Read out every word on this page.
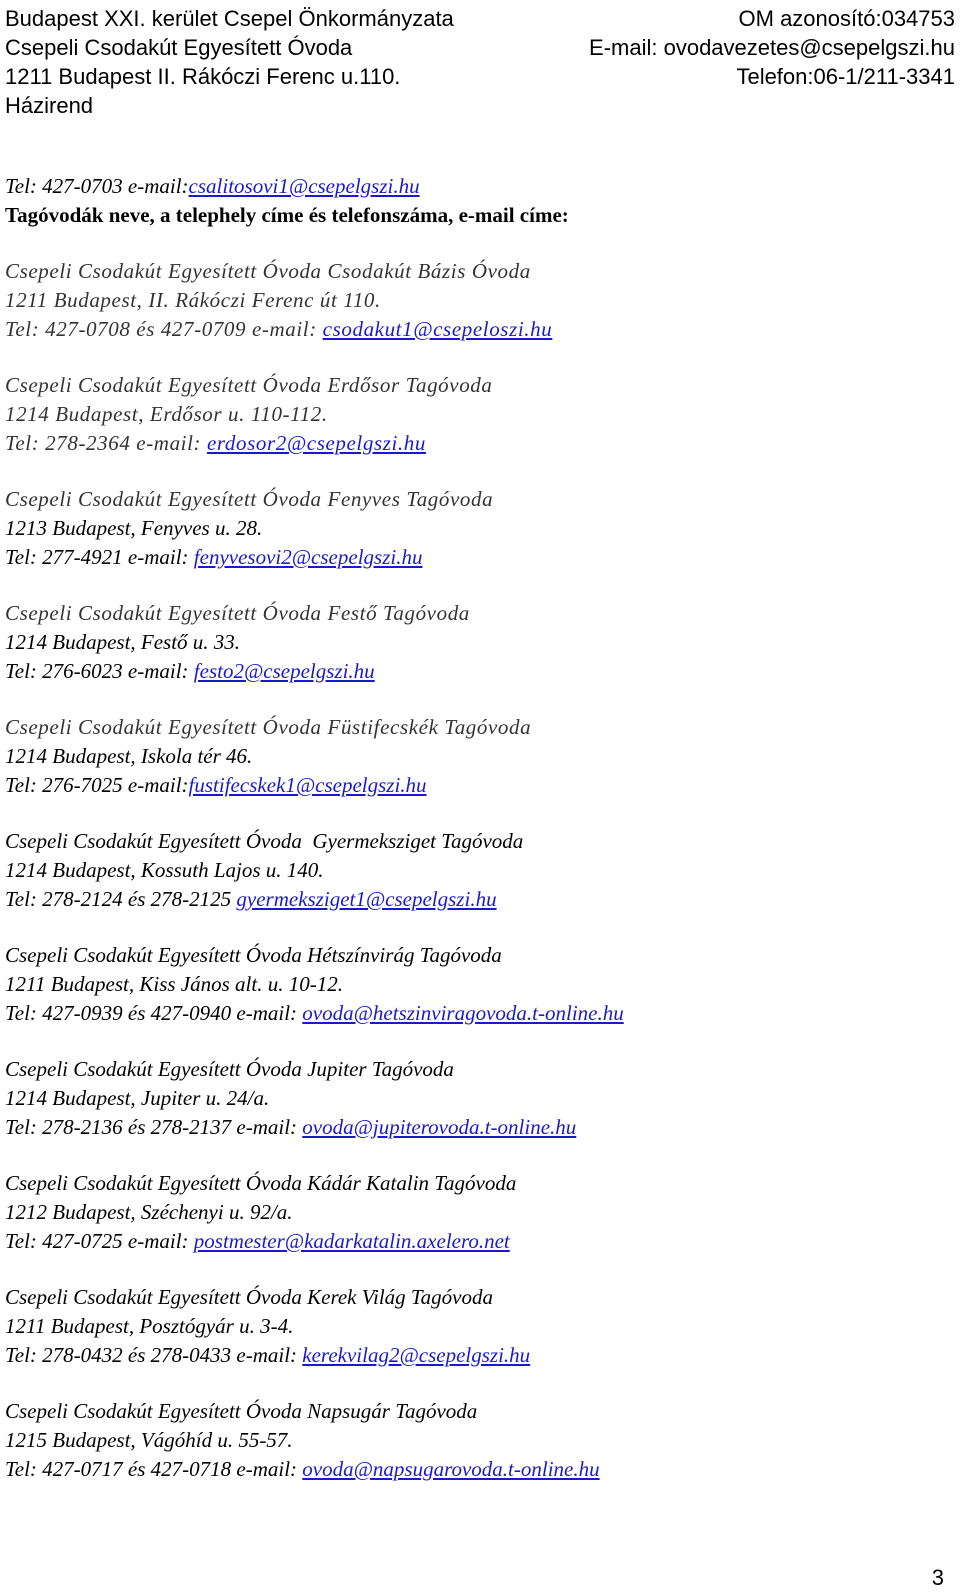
Budapest XXI. kerület Csepel Önkormányzata	OM azonosító:034753
Csepeli Csodakút Egyesített Óvoda	E-mail: ovodavezetes@csepelgszi.hu
1211 Budapest II. Rákóczi Ferenc u.110.	Telefon:06-1/211-3341
Házirend
Tel: 427-0703 e-mail:csalitosovi1@csepelgszi.hu
Tagóvodák neve, a telephely címe és telefonszáma, e-mail címe:
Csepeli Csodakút Egyesített Óvoda Csodakút Bázis Óvoda
1211 Budapest, II. Rákóczi Ferenc út 110.
Tel: 427-0708 és 427-0709 e-mail: csodakut1@csepeloszi.hu
Csepeli Csodakút Egyesített Óvoda Erdősor Tagóvoda
1214 Budapest, Erdősor u. 110-112.
Tel: 278-2364 e-mail: erdosor2@csepelgszi.hu
Csepeli Csodakút Egyesített Óvoda Fenyves Tagóvoda
1213 Budapest, Fenyves u. 28.
Tel: 277-4921 e-mail: fenyvesovi2@csepelgszi.hu
Csepeli Csodakút Egyesített Óvoda Festő Tagóvoda
1214 Budapest, Festő u. 33.
Tel: 276-6023 e-mail: festo2@csepelgszi.hu
Csepeli Csodakút Egyesített Óvoda Füstifecskék Tagóvoda
1214 Budapest, Iskola tér 46.
Tel: 276-7025 e-mail:fustifecskek1@csepelgszi.hu
Csepeli Csodakút Egyesített Óvoda  Gyermeksziget Tagóvoda
1214 Budapest, Kossuth Lajos u. 140.
Tel: 278-2124 és 278-2125 gyermeksziget1@csepelgszi.hu
Csepeli Csodakút Egyesített Óvoda Hétszínvirág Tagóvoda
1211 Budapest, Kiss János alt. u. 10-12.
Tel: 427-0939 és 427-0940 e-mail: ovoda@hetszinviragovoda.t-online.hu
Csepeli Csodakút Egyesített Óvoda Jupiter Tagóvoda
1214 Budapest, Jupiter u. 24/a.
Tel: 278-2136 és 278-2137 e-mail: ovoda@jupiterovoda.t-online.hu
Csepeli Csodakút Egyesített Óvoda Kádár Katalin Tagóvoda
1212 Budapest, Széchenyi u. 92/a.
Tel: 427-0725 e-mail: postmester@kadarkatalin.axelero.net
Csepeli Csodakút Egyesített Óvoda Kerek Világ Tagóvoda
1211 Budapest, Posztógyár u. 3-4.
Tel: 278-0432 és 278-0433 e-mail: kerekvilag2@csepelgszi.hu
Csepeli Csodakút Egyesített Óvoda Napsugár Tagóvoda
1215 Budapest, Vágóhíd u. 55-57.
Tel: 427-0717 és 427-0718 e-mail: ovoda@napsugarovoda.t-online.hu
3
